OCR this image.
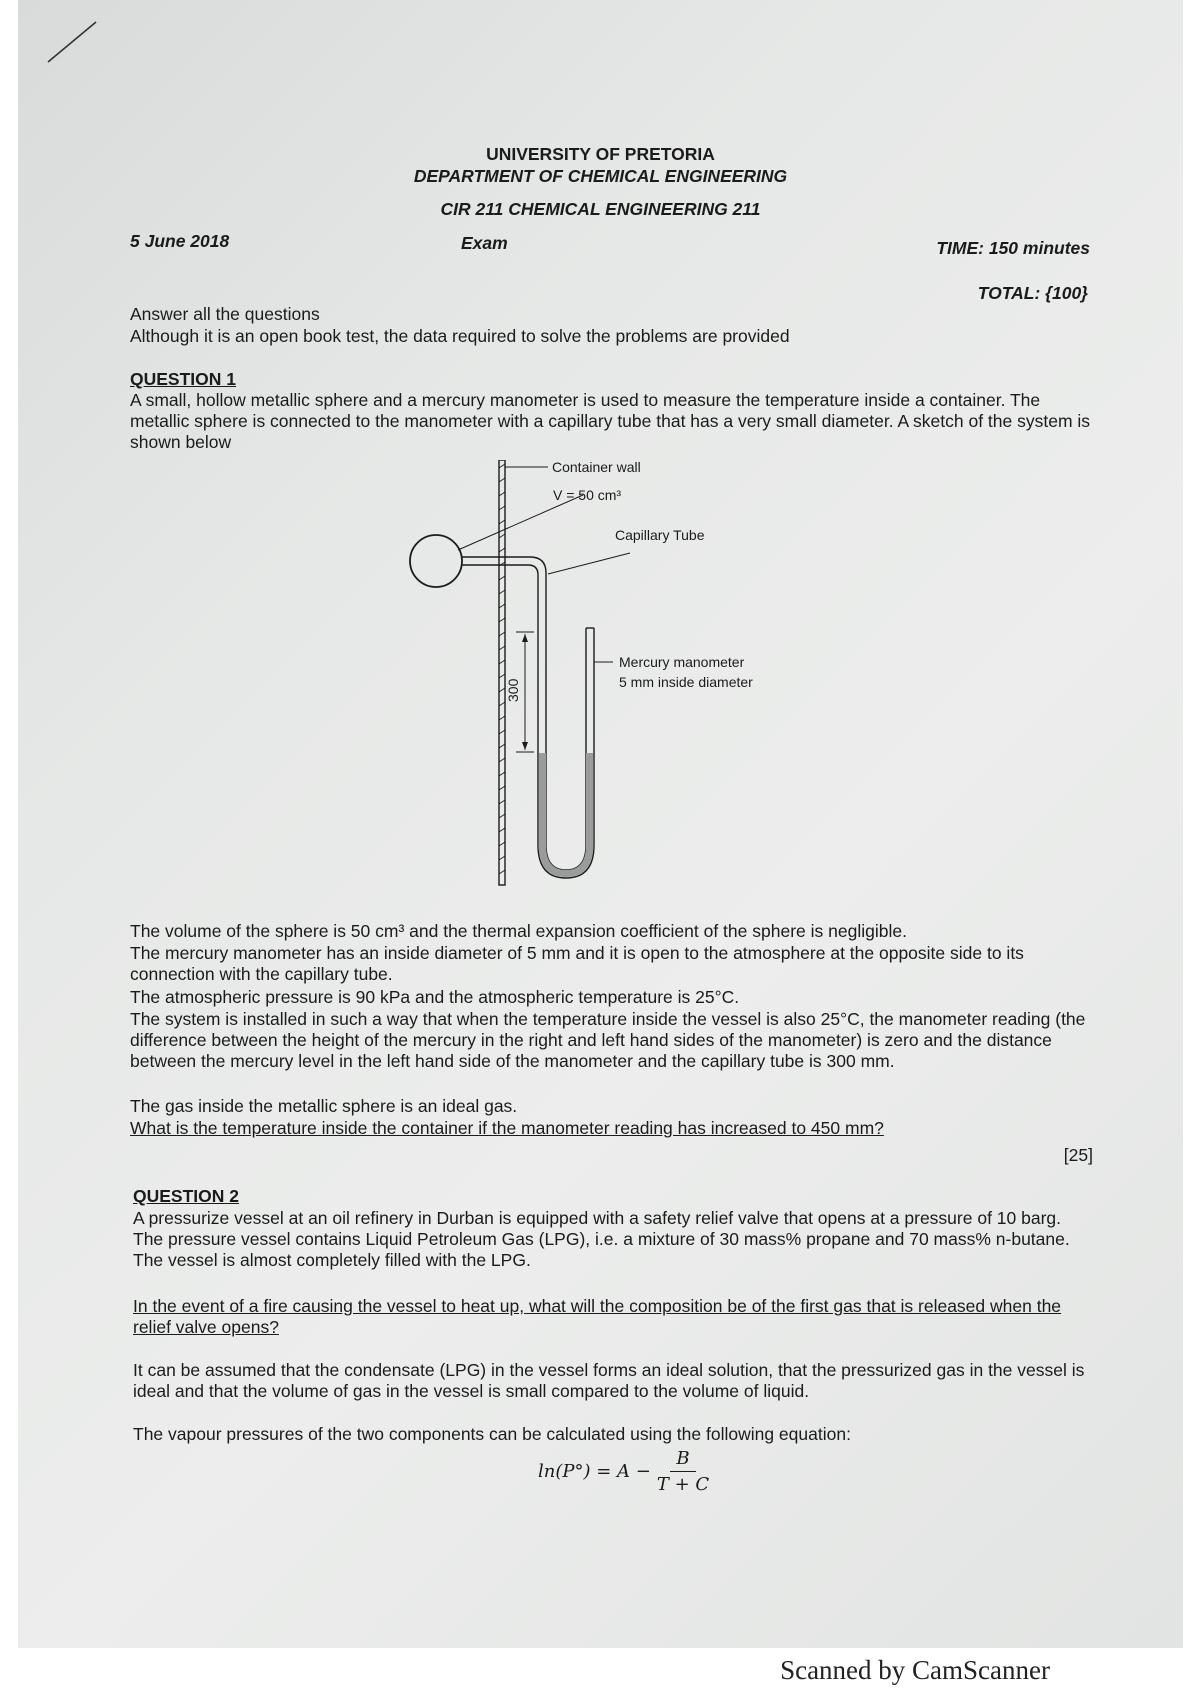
UNIVERSITY OF PRETORIA
DEPARTMENT OF CHEMICAL ENGINEERING
CIR 211 CHEMICAL ENGINEERING 211
5 June 2018	Exam	TIME: 150 minutes
TOTAL: {100}
Answer all the questions
Although it is an open book test, the data required to solve the problems are provided
QUESTION 1
A small, hollow metallic sphere and a mercury manometer is used to measure the temperature inside a container. The metallic sphere is connected to the manometer with a capillary tube that has a very small diameter. A sketch of the system is shown below
300
Container wall
V = 50 cm³
Capillary Tube
Mercury manometer
5 mm inside diameter
The volume of the sphere is 50 cm³ and the thermal expansion coefficient of the sphere is negligible.
The mercury manometer has an inside diameter of 5 mm and it is open to the atmosphere at the opposite side to its connection with the capillary tube.
The atmospheric pressure is 90 kPa and the atmospheric temperature is 25°C.
The system is installed in such a way that when the temperature inside the vessel is also 25°C, the manometer reading (the difference between the height of the mercury in the right and left hand sides of the manometer) is zero and the distance between the mercury level in the left hand side of the manometer and the capillary tube is 300 mm.
The gas inside the metallic sphere is an ideal gas.
What is the temperature inside the container if the manometer reading has increased to 450 mm?
[25]
QUESTION 2
A pressurize vessel at an oil refinery in Durban is equipped with a safety relief valve that opens at a pressure of 10 barg. The pressure vessel contains Liquid Petroleum Gas (LPG), i.e. a mixture of 30 mass% propane and 70 mass% n-butane. The vessel is almost completely filled with the LPG.
In the event of a fire causing the vessel to heat up, what will the composition be of the first gas that is released when the relief valve opens?
It can be assumed that the condensate (LPG) in the vessel forms an ideal solution, that the pressurized gas in the vessel is ideal and that the volume of gas in the vessel is small compared to the volume of liquid.
The vapour pressures of the two components can be calculated using the following equation:
$\ln(P^\circ) = A - \frac{B}{T + C}$
Scanned by CamScanner
